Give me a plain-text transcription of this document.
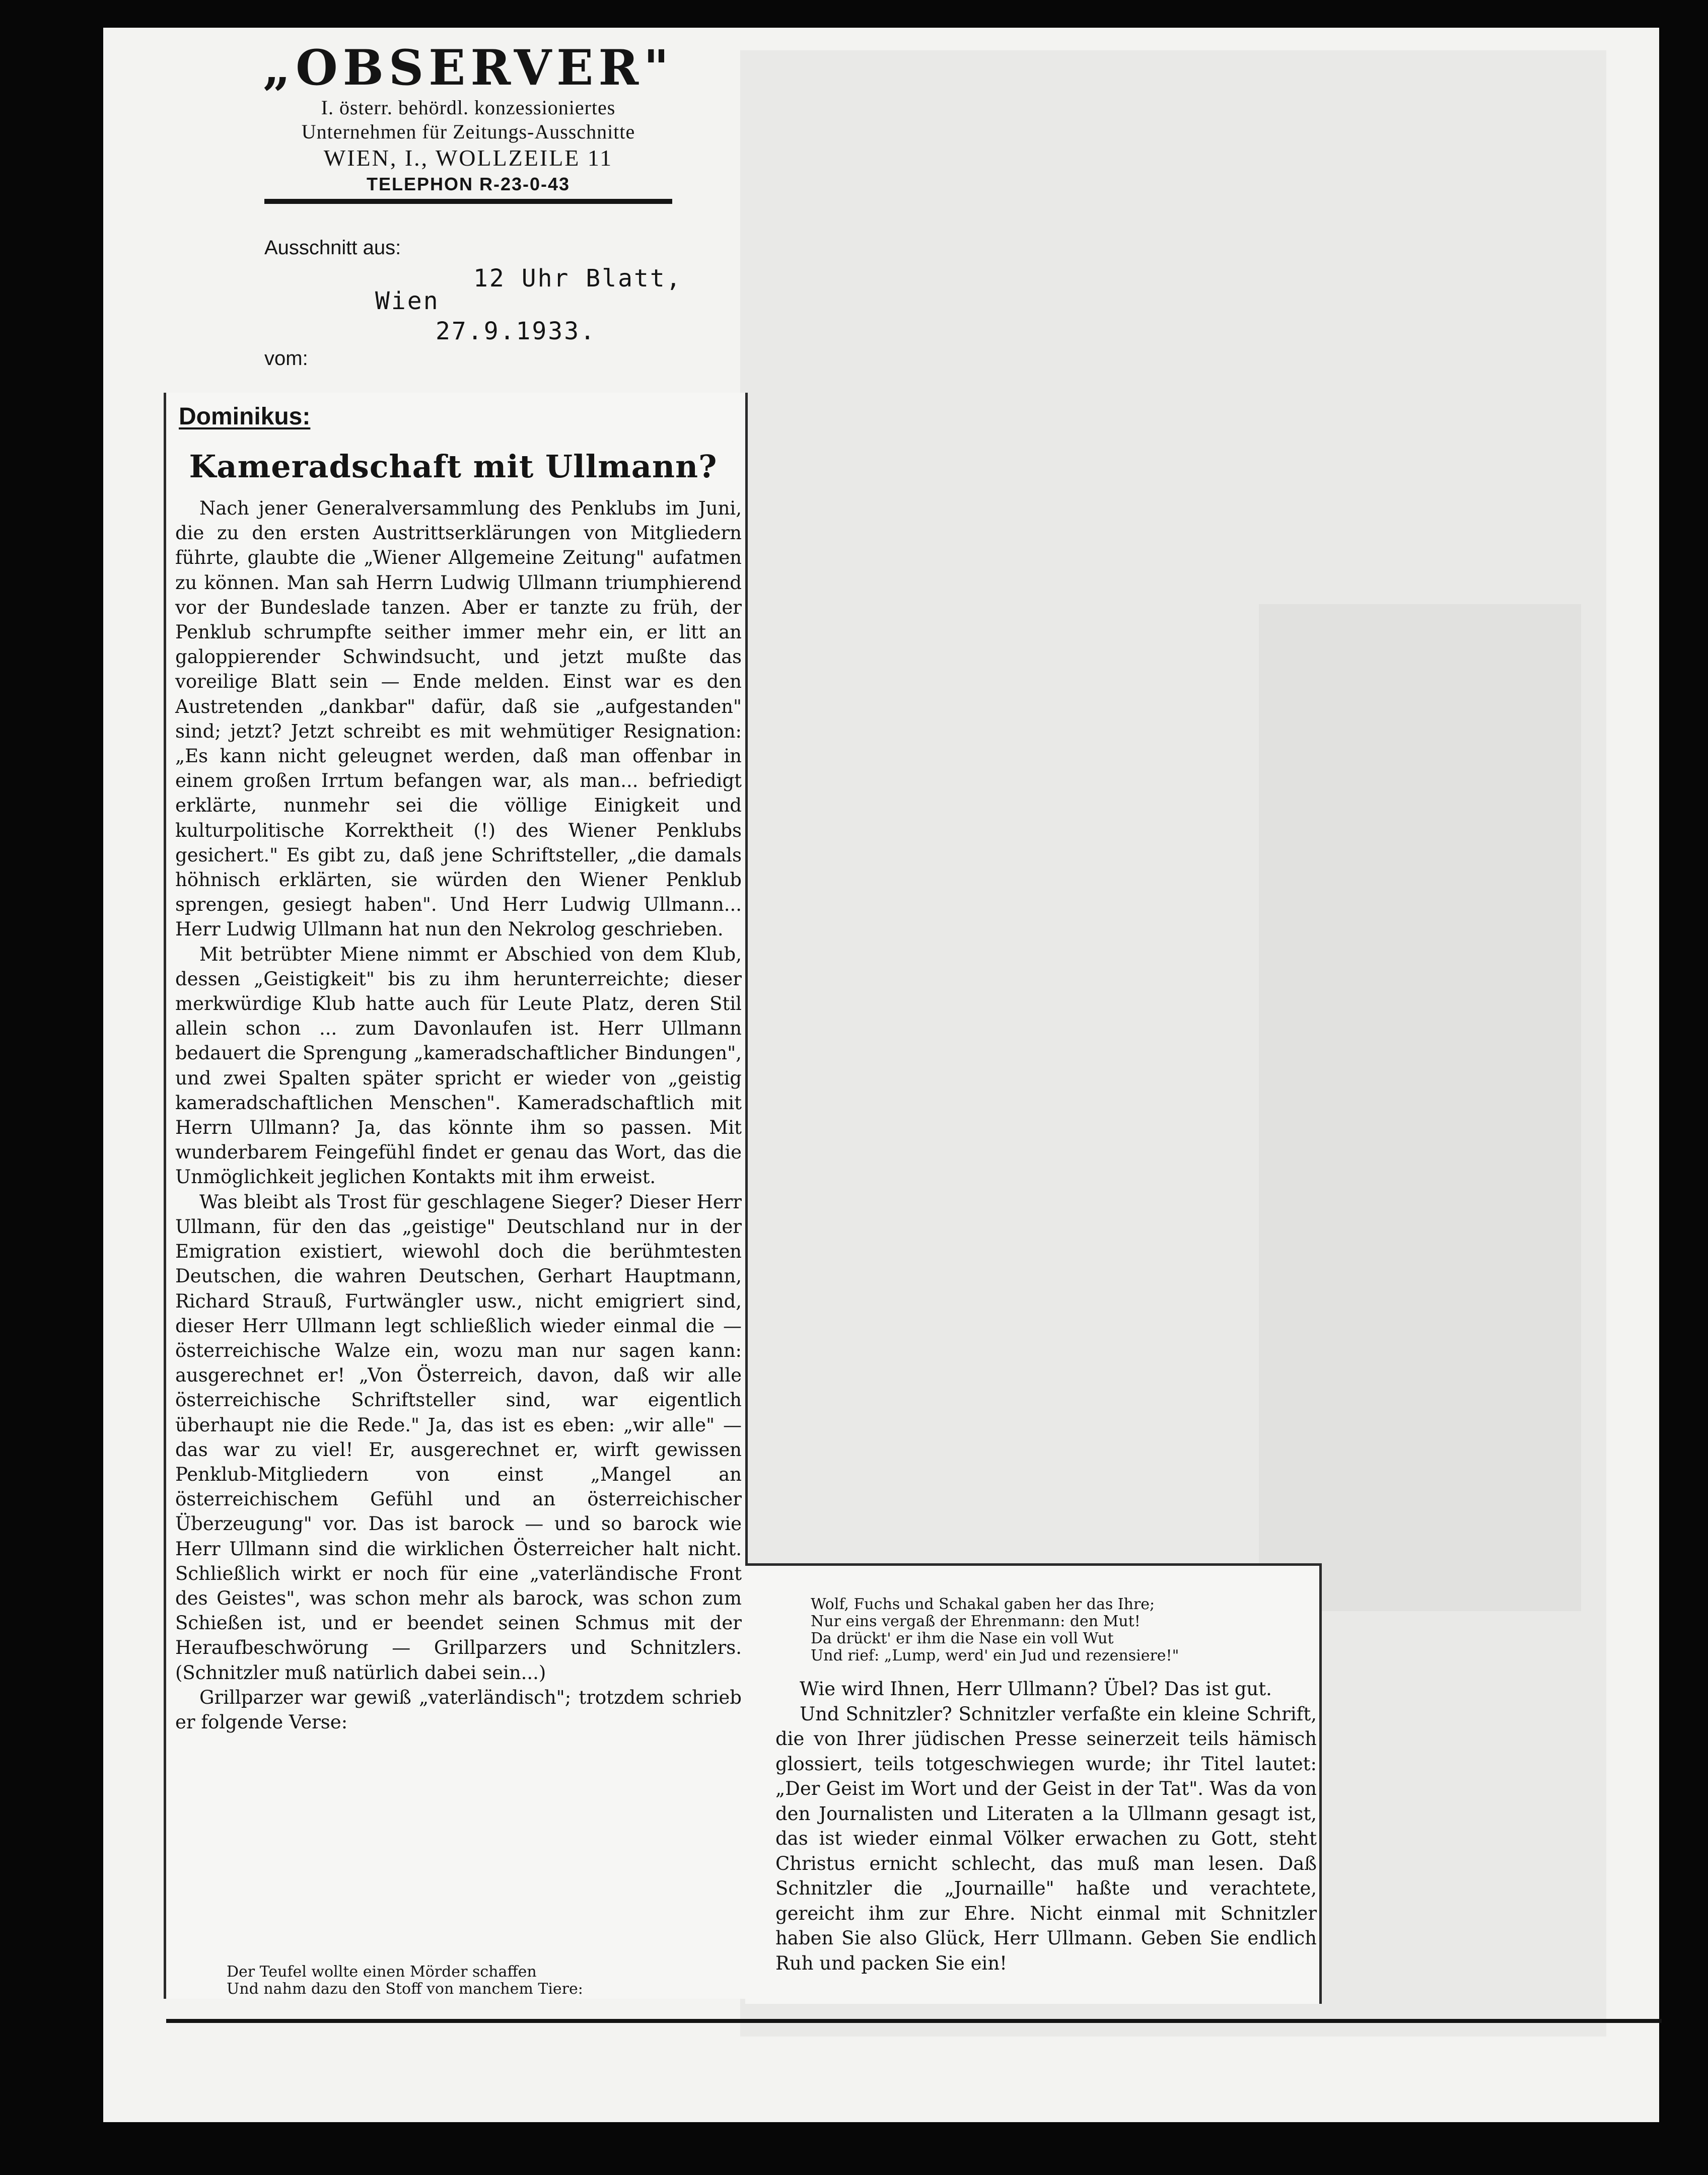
„OBSERVER"
I. österr. behördl. konzessioniertes
Unternehmen für Zeitungs-Ausschnitte
WIEN, I., WOLLZEILE 11
TELEPHON R-23-0-43
Ausschnitt aus:
12 Uhr Blatt,
Wien
27.9.1933.
vom:
Dominikus:
Kameradschaft mit Ullmann?

Nach jener Generalversammlung des Penklubs im Juni, die zu den ersten Austrittserklärungen von Mitgliedern führte, glaubte die „Wiener Allgemeine Zeitung" aufatmen zu können. Man sah Herrn Ludwig Ullmann triumphierend vor der Bundeslade tanzen. Aber er tanzte zu früh, der Penklub schrumpfte seither immer mehr ein, er litt an galoppierender Schwindsucht, und jetzt mußte das voreilige Blatt sein — Ende melden. Einst war es den Austretenden „dankbar" dafür, daß sie „aufgestanden" sind; jetzt? Jetzt schreibt es mit wehmütiger Resignation: „Es kann nicht geleugnet werden, daß man offenbar in einem großen Irrtum befangen war, als man... befriedigt erklärte, nunmehr sei die völlige Einigkeit und kulturpolitische Korrektheit (!) des Wiener Penklubs gesichert." Es gibt zu, daß jene Schriftsteller, „die damals höhnisch erklärten, sie würden den Wiener Penklub sprengen, gesiegt haben". Und Herr Ludwig Ullmann... Herr Ludwig Ullmann hat nun den Nekrolog geschrieben.

Mit betrübter Miene nimmt er Abschied von dem Klub, dessen „Geistigkeit" bis zu ihm herunterreichte; dieser merkwürdige Klub hatte auch für Leute Platz, deren Stil allein schon ... zum Davonlaufen ist. Herr Ullmann bedauert die Sprengung „kameradschaftlicher Bindungen", und zwei Spalten später spricht er wieder von „geistig kameradschaftlichen Menschen". Kameradschaftlich mit Herrn Ullmann? Ja, das könnte ihm so passen. Mit wunderbarem Feingefühl findet er genau das Wort, das die Unmöglichkeit jeglichen Kontakts mit ihm erweist.

Was bleibt als Trost für geschlagene Sieger? Dieser Herr Ullmann, für den das „geistige" Deutschland nur in der Emigration existiert, wiewohl doch die berühmtesten Deutschen, die wahren Deutschen, Gerhart Hauptmann, Richard Strauß, Furtwängler usw., nicht emigriert sind, dieser Herr Ullmann legt schließlich wieder einmal die — österreichische Walze ein, wozu man nur sagen kann: ausgerechnet er! „Von Österreich, davon, daß wir alle österreichische Schriftsteller sind, war eigentlich überhaupt nie die Rede." Ja, das ist es eben: „wir alle" — das war zu viel! Er, ausgerechnet er, wirft gewissen Penklub-Mitgliedern von einst „Mangel an österreichischem Gefühl und an österreichischer Überzeugung" vor. Das ist barock — und so barock wie Herr Ullmann sind die wirklichen Österreicher halt nicht. Schließlich wirkt er noch für eine „vaterländische Front des Geistes", was schon mehr als barock, was schon zum Schießen ist, und er beendet seinen Schmus mit der Heraufbeschwörung — Grillparzers und Schnitzlers. (Schnitzler muß natürlich dabei sein...)

Grillparzer war gewiß „vaterländisch"; trotzdem schrieb er folgende Verse:

Der Teufel wollte einen Mörder schaffen
Und nahm dazu den Stoff von manchem Tiere:
Wolf, Fuchs und Schakal gaben her das Ihre;
Nur eins vergaß der Ehrenmann: den Mut!
Da drückt' er ihm die Nase ein voll Wut
Und rief: „Lump, werd' ein Jud und rezensiere!"

Wie wird Ihnen, Herr Ullmann? Übel? Das ist gut.

Und Schnitzler? Schnitzler verfaßte ein kleine Schrift, die von Ihrer jüdischen Presse seinerzeit teils hämisch glossiert, teils totgeschwiegen wurde; ihr Titel lautet: „Der Geist im Wort und der Geist in der Tat". Was da von den Journalisten und Literaten a la Ullmann gesagt ist, das ist wieder einmal Völker erwachen zu Gott, steht Christus ernicht schlecht, das muß man lesen. Daß Schnitzler die „Journaille" haßte und verachtete, gereicht ihm zur Ehre. Nicht einmal mit Schnitzler haben Sie also Glück, Herr Ullmann. Geben Sie endlich Ruh und packen Sie ein!
